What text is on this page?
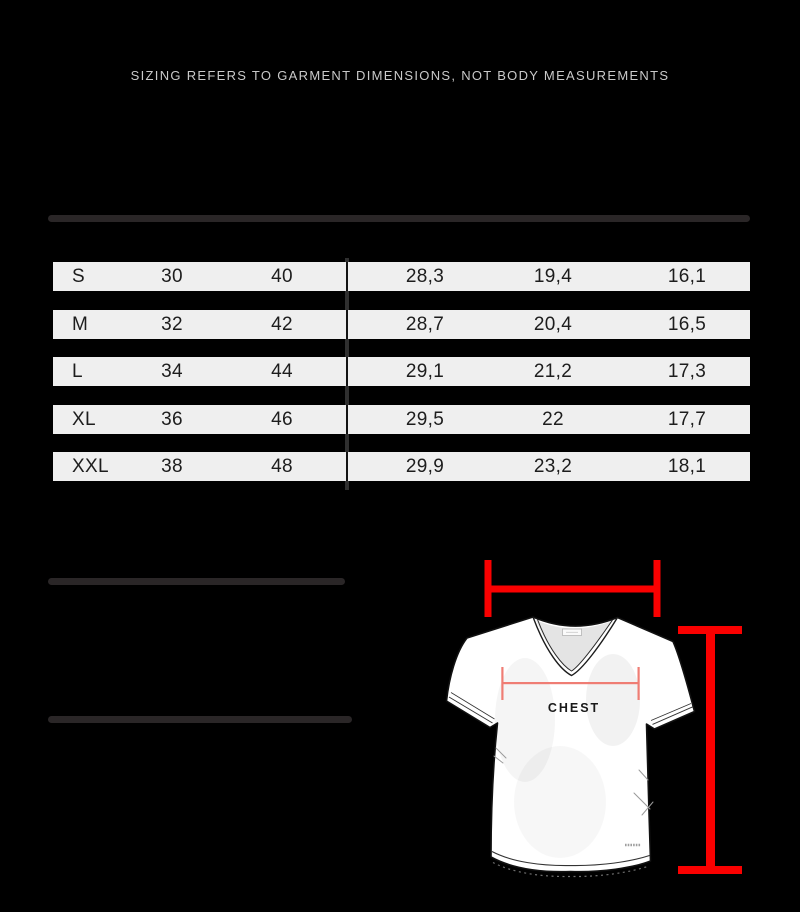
SIZING REFERS TO GARMENT DIMENSIONS, NOT BODY MEASUREMENTS
S	30	40	28,3	19,4	16,1
M	32	42	28,7	20,4	16,5
L	34	44	29,1	21,2	17,3
XL	36	46	29,5	22	17,7
XXL	38	48	29,9	23,2	18,1
CHEST
